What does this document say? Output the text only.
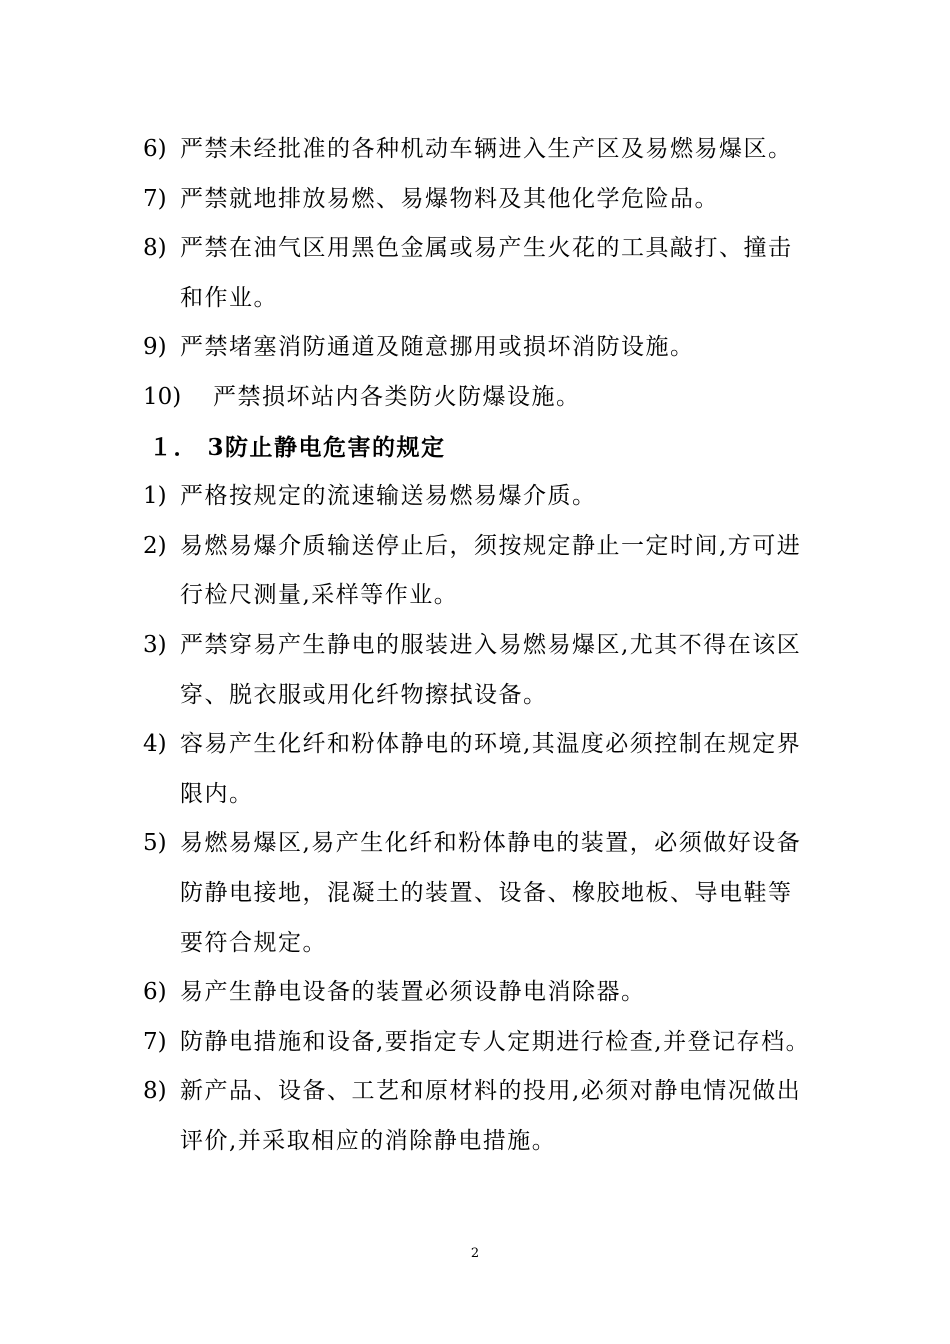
6) 严禁未经批准的各种机动车辆进入生产区及易燃易爆区。
7) 严禁就地排放易燃、易爆物料及其他化学危险品。
8) 严禁在油气区用黑色金属或易产生火花的工具敲打、撞击和作业。
9) 严禁堵塞消防通道及随意挪用或损坏消防设施。
10)	严禁损坏站内各类防火防爆设施。
１． 3防止静电危害的规定
1) 严格按规定的流速输送易燃易爆介质。
2) 易燃易爆介质输送停止后，须按规定静止一定时间,方可进行检尺测量,采样等作业。
3) 严禁穿易产生静电的服装进入易燃易爆区,尤其不得在该区穿、脱衣服或用化纤物擦拭设备。
4) 容易产生化纤和粉体静电的环境,其温度必须控制在规定界限内。
5) 易燃易爆区,易产生化纤和粉体静电的装置，必须做好设备防静电接地，混凝土的装置、设备、橡胶地板、导电鞋等要符合规定。
6) 易产生静电设备的装置必须设静电消除器。
7) 防静电措施和设备,要指定专人定期进行检查,并登记存档。
8) 新产品、设备、工艺和原材料的投用,必须对静电情况做出评价,并采取相应的消除静电措施。
2
